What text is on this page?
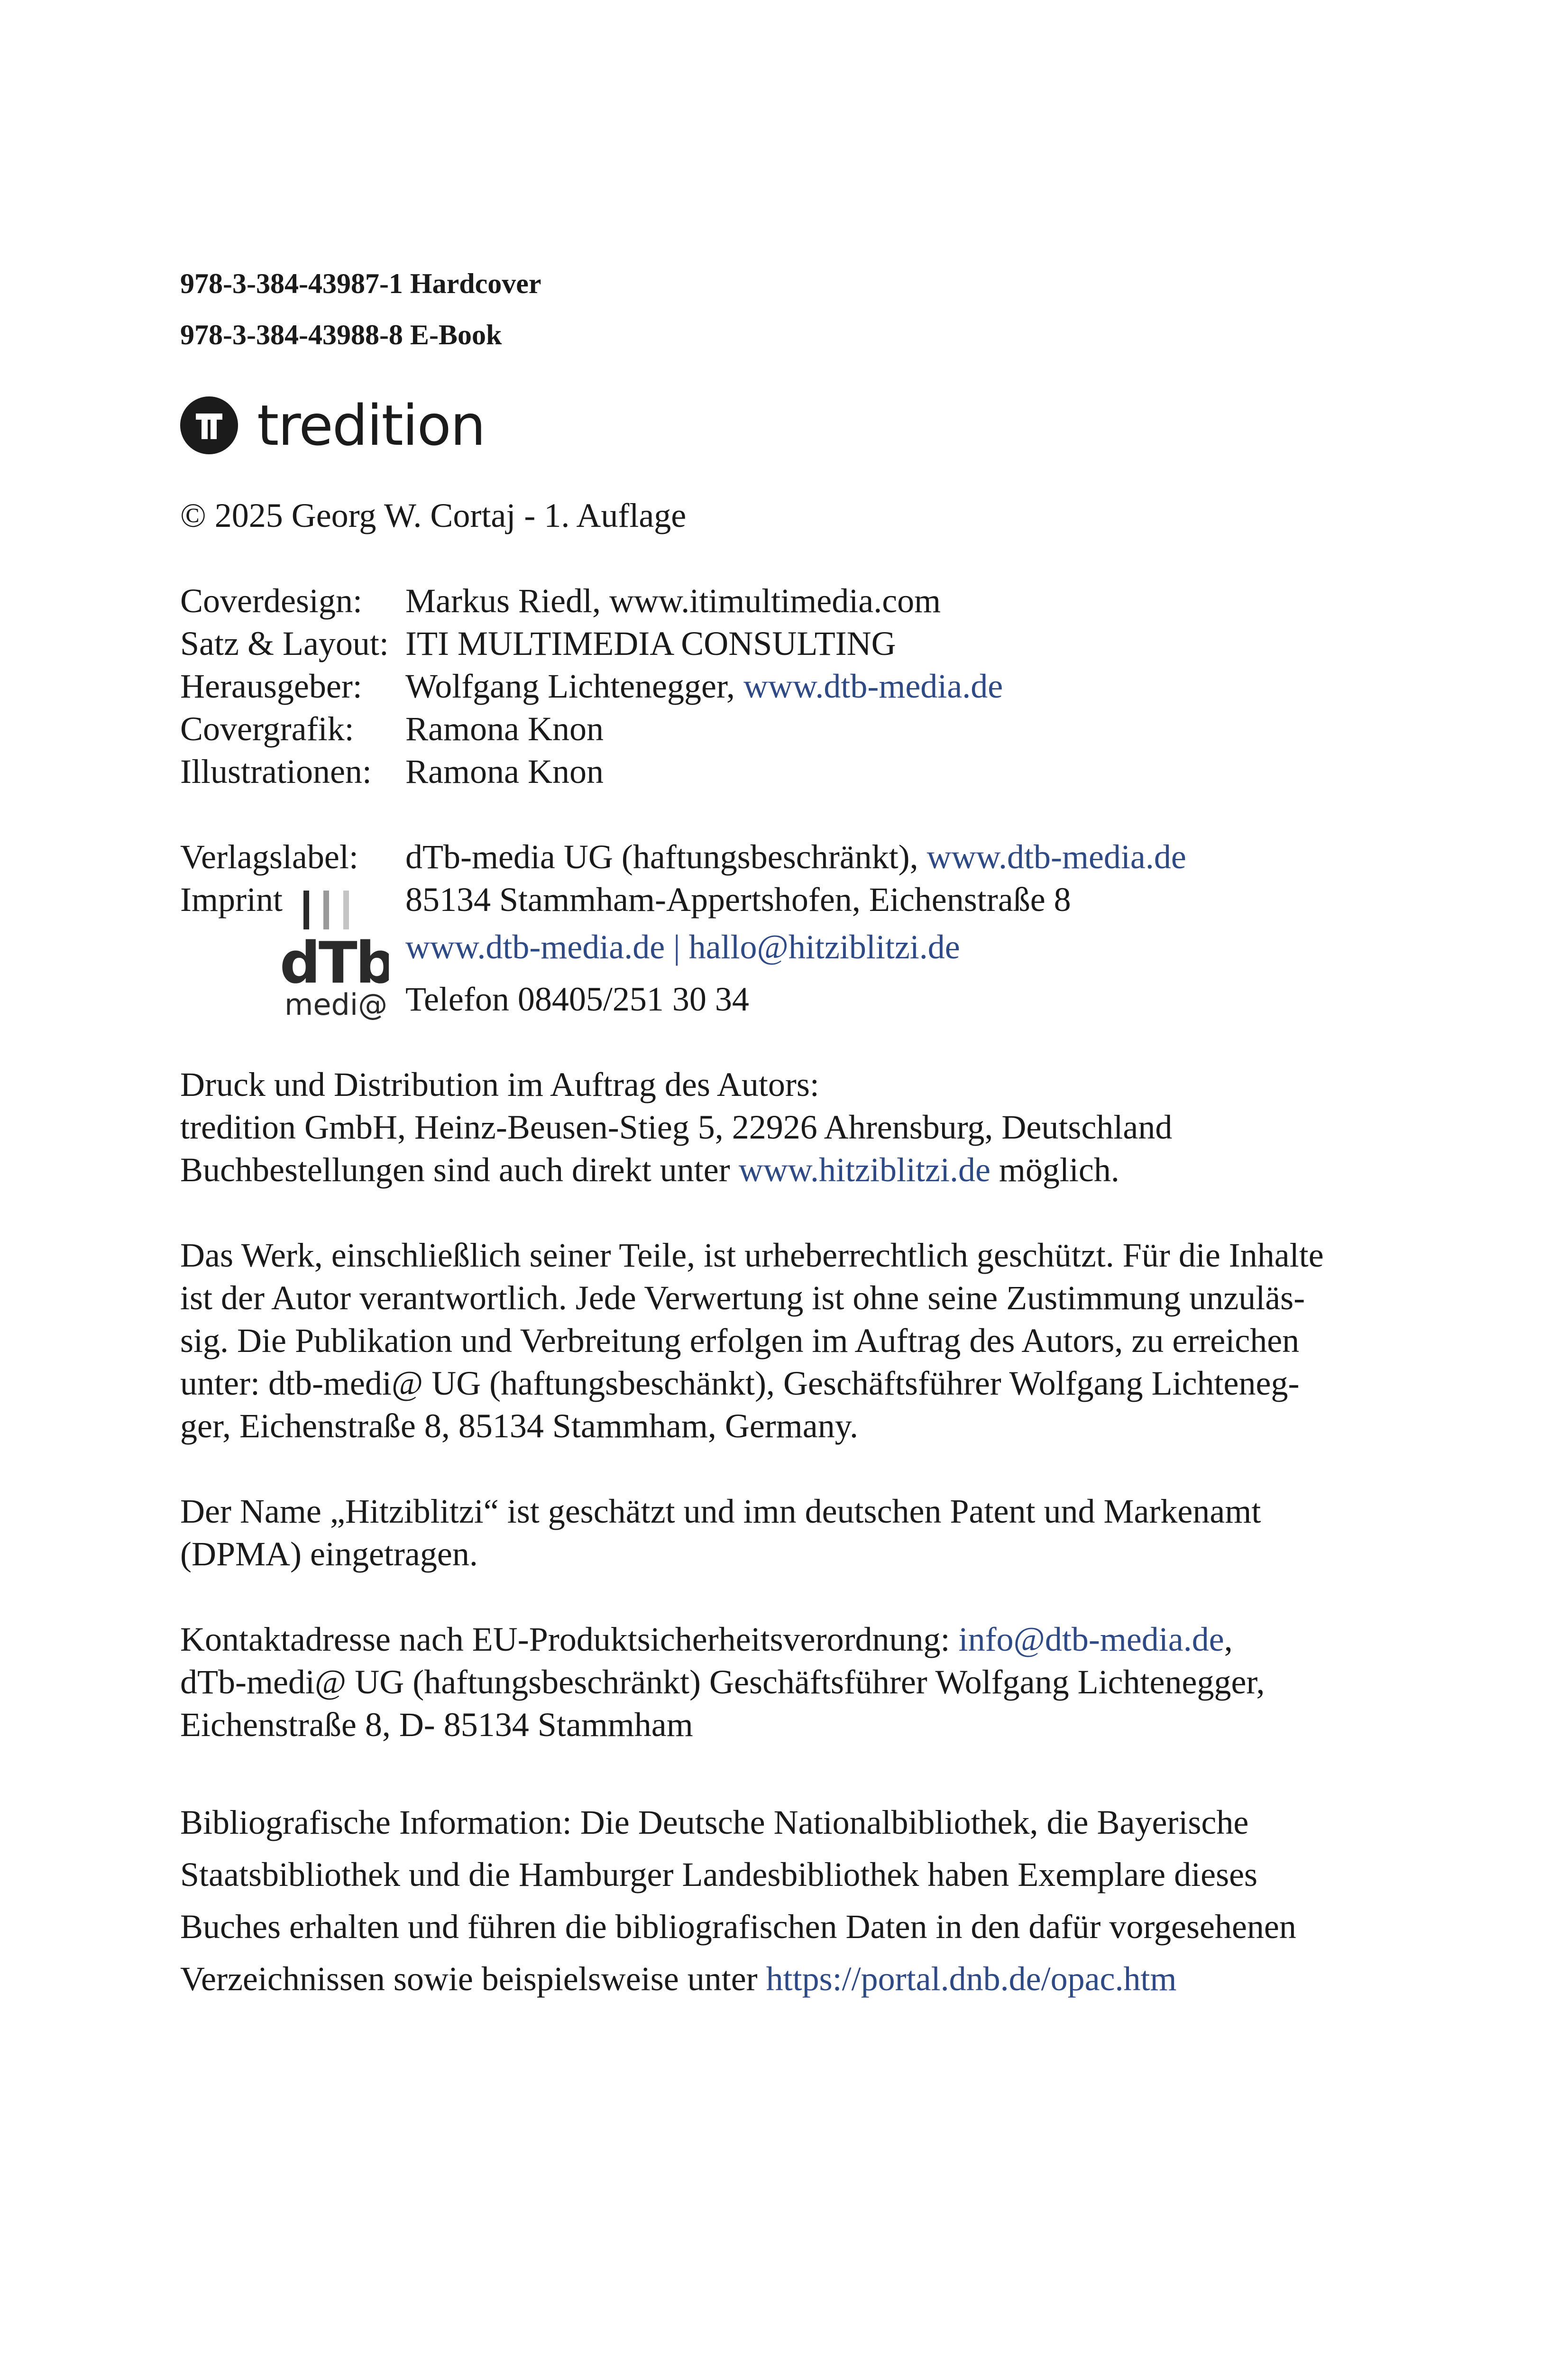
978-3-384-43987-1 Hardcover
978-3-384-43988-8 E-Book
tredition
© 2025 Georg W. Cortaj - 1. Auflage
Coverdesign: Markus Riedl, www.itimultimedia.com
Satz & Layout: ITI MULTIMEDIA CONSULTING
Herausgeber: Wolfgang Lichtenegger, www.dtb-media.de
Covergrafik: Ramona Knon
Illustrationen: Ramona Knon
Verlagslabel: dTb-media UG (haftungsbeschränkt), www.dtb-media.de
Imprint	85134 Stammham-Appertshofen, Eichenstraße 8
dTb
medi@
www.dtb-media.de | hallo@hitziblitzi.de
Telefon 08405/251 30 34
Druck und Distribution im Auftrag des Autors:
tredition GmbH, Heinz-Beusen-Stieg 5, 22926 Ahrensburg, Deutschland
Buchbestellungen sind auch direkt unter www.hitziblitzi.de möglich.
Das Werk, einschließlich seiner Teile, ist urheberrechtlich geschützt. Für die Inhalte
ist der Autor verantwortlich. Jede Verwertung ist ohne seine Zustimmung unzuläs-
sig. Die Publikation und Verbreitung erfolgen im Auftrag des Autors, zu erreichen
unter: dtb-medi@ UG (haftungsbeschänkt), Geschäftsführer Wolfgang Lichteneg-
ger, Eichenstraße 8, 85134 Stammham, Germany.
Der Name „Hitziblitzi“ ist geschätzt und imn deutschen Patent und Markenamt
(DPMA) eingetragen.
Kontaktadresse nach EU-Produktsicherheitsverordnung: info@dtb-media.de,
dTb-medi@ UG (haftungsbeschränkt) Geschäftsführer Wolfgang Lichtenegger,
Eichenstraße 8, D- 85134 Stammham
Bibliografische Information: Die Deutsche Nationalbibliothek, die Bayerische
Staatsbibliothek und die Hamburger Landesbibliothek haben Exemplare dieses
Buches erhalten und führen die bibliografischen Daten in den dafür vorgesehenen
Verzeichnissen sowie beispielsweise unter https://portal.dnb.de/opac.htm
